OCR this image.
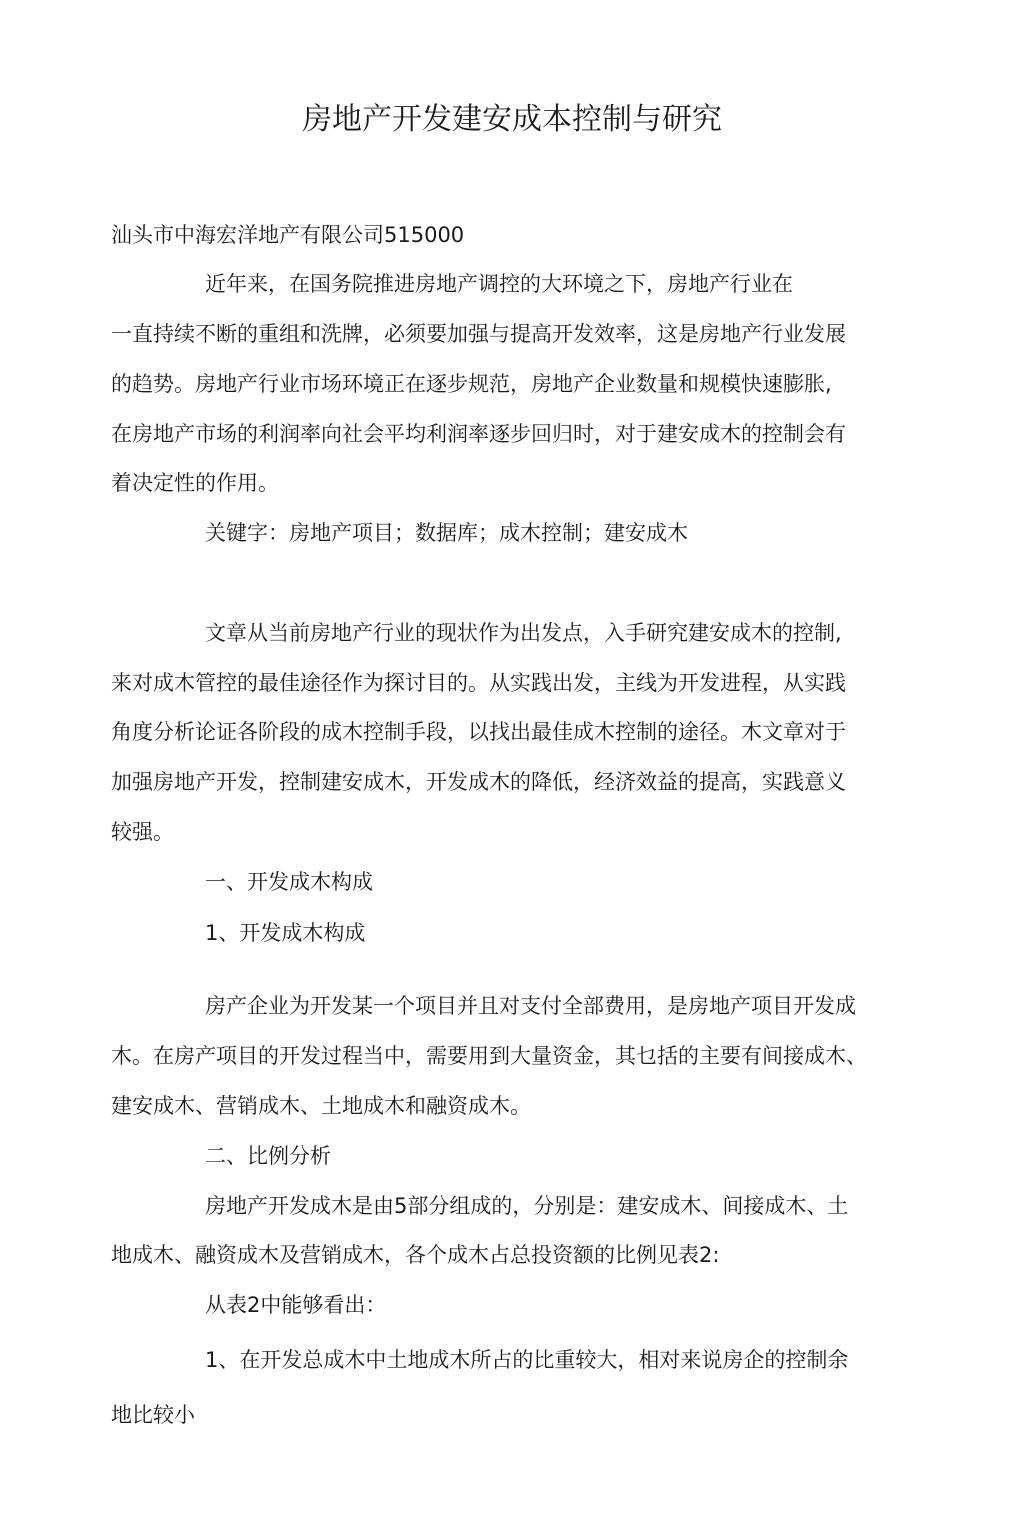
房地产开发建安成本控制与研究
汕头市中海宏洋地产有限公司515000
近年来，在国务院推进房地产调控的大环境之下，房地产行业在
一直持续不断的重组和洗牌，必须要加强与提高开发效率，这是房地产行业发展
的趋势。房地产行业市场环境正在逐步规范，房地产企业数量和规模快速膨胀,
在房地产市场的利润率向社会平均利润率逐步回归时，对于建安成木的控制会有
着决定性的作用。
关键字：房地产项目；数据库；成木控制；建安成木
文章从当前房地产行业的现状作为出发点，入手研究建安成木的控制,
来对成木管控的最佳途径作为探讨目的。从实践出发，主线为开发进程，从实践
角度分析论证各阶段的成木控制手段，以找出最佳成木控制的途径。木文章对于
加强房地产开发，控制建安成木，开发成木的降低，经济效益的提高，实践意义
较强。
一、开发成木构成
1、开发成木构成
房产企业为开发某一个项目并且对支付全部费用，是房地产项目开发成
木。在房产项目的开发过程当中，需要用到大量资金，其乜括的主要有间接成木、
建安成木、营销成木、土地成木和融资成木。
二、比例分析
房地产开发成木是由5部分组成的，分别是：建安成木、间接成木、土
地成木、融资成木及营销成木，各个成木占总投资额的比例见表2:
从表2中能够看出：
1、在开发总成木中土地成木所占的比重较大，相对来说房企的控制余
地比较小
